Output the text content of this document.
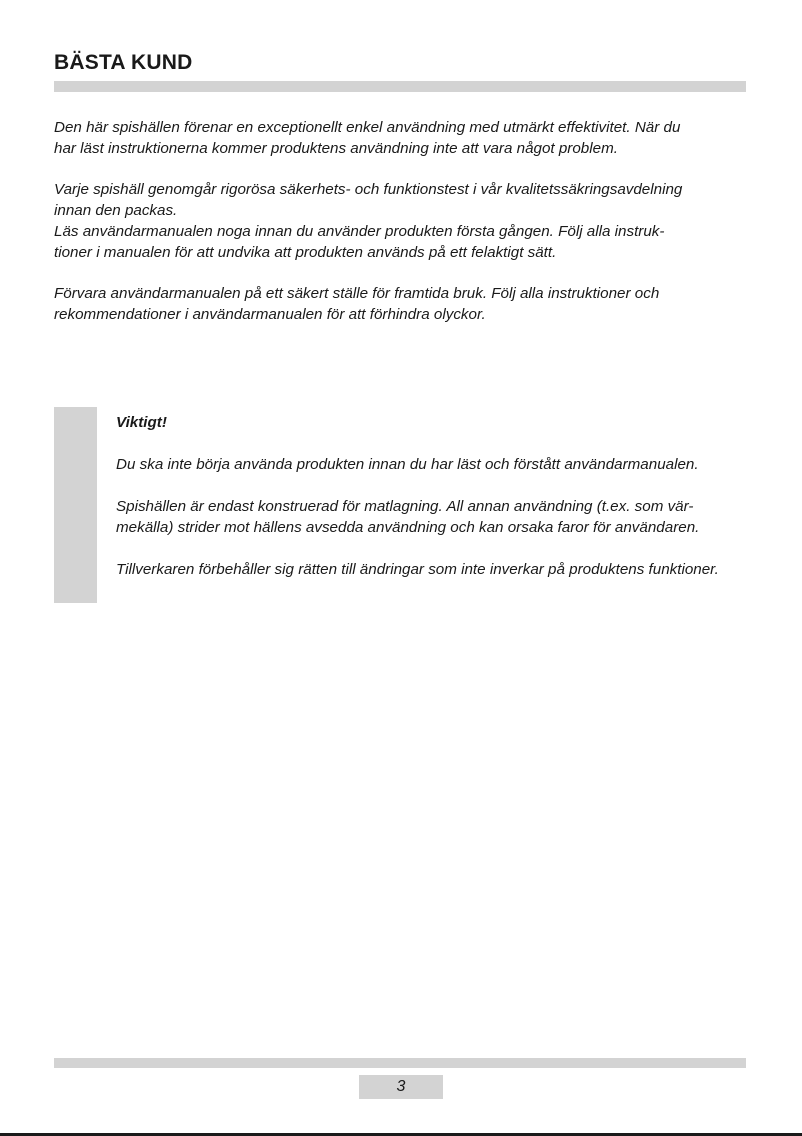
BÄSTA KUND

Den här spishällen förenar en exceptionellt enkel användning med utmärkt effektivitet. När du
har läst instruktionerna kommer produktens användning inte att vara något problem.

Varje spishäll genomgår rigorösa säkerhets- och funktionstest i vår kvalitetssäkringsavdelning
innan den packas.
Läs användarmanualen noga innan du använder produkten första gången. Följ alla instruk-
tioner i manualen för att undvika att produkten används på ett felaktigt sätt.

Förvara användarmanualen på ett säkert ställe för framtida bruk. Följ alla instruktioner och
rekommendationer i användarmanualen för att förhindra olyckor.

Viktigt!

Du ska inte börja använda produkten innan du har läst och förstått användarmanualen.

Spishällen är endast konstruerad för matlagning. All annan användning (t.ex. som vär-
mekälla) strider mot hällens avsedda användning och kan orsaka faror för användaren.

Tillverkaren förbehåller sig rätten till ändringar som inte inverkar på produktens funktioner.

3
